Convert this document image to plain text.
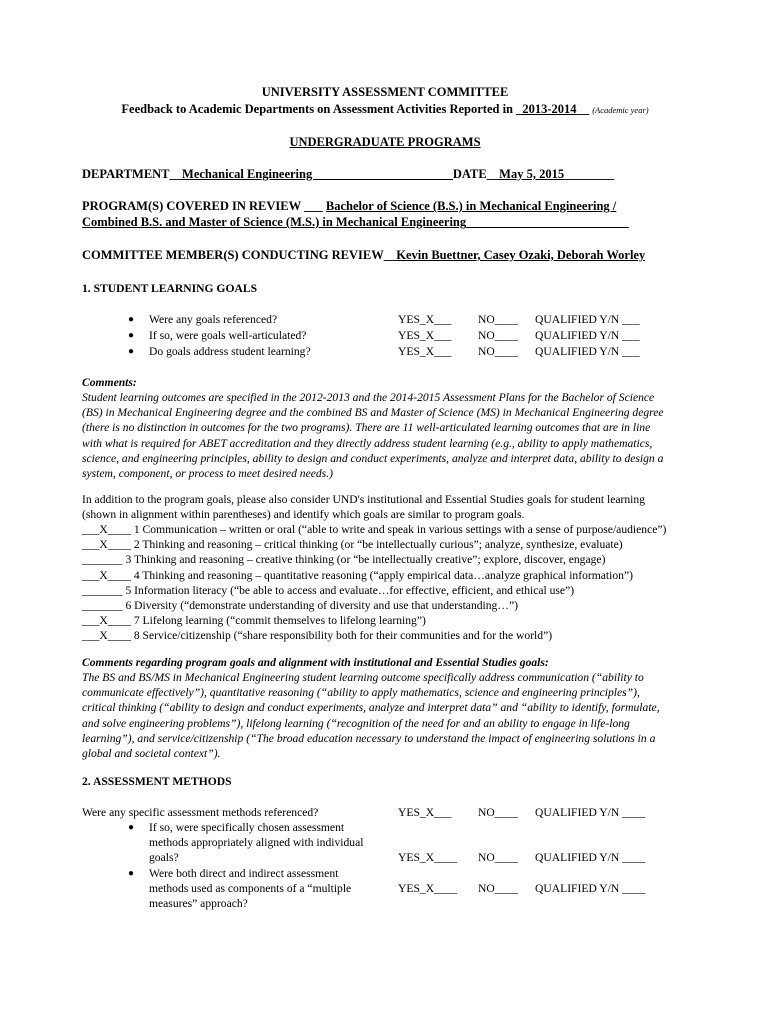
UNIVERSITY ASSESSMENT COMMITTEE
Feedback to Academic Departments on Assessment Activities Reported in _2013-2014__ (Academic year)
UNDERGRADUATE PROGRAMS
DEPARTMENT__Mechanical Engineering ______________________DATE__May 5, 2015________
PROGRAM(S) COVERED IN REVIEW ___ Bachelor of Science (B.S.) in Mechanical Engineering /
Combined B.S. and Master of Science (M.S.) in Mechanical Engineering__________________________
COMMITTEE MEMBER(S) CONDUCTING REVIEW__Kevin Buettner, Casey Ozaki, Deborah Worley
1. STUDENT LEARNING GOALS
● Were any goals referenced?	YES_X___ NO____ QUALIFIED Y/N ___
● If so, were goals well-articulated?	YES_X___ NO____ QUALIFIED Y/N ___
● Do goals address student learning?	YES_X___ NO____ QUALIFIED Y/N ___
Comments:
Student learning outcomes are specified in the 2012-2013 and the 2014-2015 Assessment Plans for the Bachelor of Science
(BS) in Mechanical Engineering degree and the combined BS and Master of Science (MS) in Mechanical Engineering degree
(there is no distinction in outcomes for the two programs). There are 11 well-articulated learning outcomes that are in line
with what is required for ABET accreditation and they directly address student learning (e.g., ability to apply mathematics,
science, and engineering principles, ability to design and conduct experiments, analyze and interpret data, ability to design a
system, component, or process to meet desired needs.)
In addition to the program goals, please also consider UND's institutional and Essential Studies goals for student learning
(shown in alignment within parentheses) and identify which goals are similar to program goals.
___X____ 1 Communication – written or oral (“able to write and speak in various settings with a sense of purpose/audience”)
___X____ 2 Thinking and reasoning – critical thinking (or “be intellectually curious”; analyze, synthesize, evaluate)
_______ 3 Thinking and reasoning – creative thinking (or “be intellectually creative”; explore, discover, engage)
___X____ 4 Thinking and reasoning – quantitative reasoning (“apply empirical data…analyze graphical information”)
_______ 5 Information literacy (“be able to access and evaluate…for effective, efficient, and ethical use”)
_______ 6 Diversity (“demonstrate understanding of diversity and use that understanding…”)
___X____ 7 Lifelong learning (“commit themselves to lifelong learning”)
___X____ 8 Service/citizenship (“share responsibility both for their communities and for the world”)
Comments regarding program goals and alignment with institutional and Essential Studies goals:
The BS and BS/MS in Mechanical Engineering student learning outcome specifically address communication (“ability to
communicate effectively”), quantitative reasoning (“ability to apply mathematics, science and engineering principles”),
critical thinking (“ability to design and conduct experiments, analyze and interpret data” and “ability to identify, formulate,
and solve engineering problems”), lifelong learning (“recognition of the need for and an ability to engage in life-long
learning”), and service/citizenship (“The broad education necessary to understand the impact of engineering solutions in a
global and societal context”).
2. ASSESSMENT METHODS
Were any specific assessment methods referenced?	YES_X___ NO____ QUALIFIED Y/N ____
● If so, were specifically chosen assessment
methods appropriately aligned with individual
goals?	YES_X____ NO____ QUALIFIED Y/N ____
● Were both direct and indirect assessment
methods used as components of a “multiple
measures” approach?
YES_X____ NO____ QUALIFIED Y/N ____
